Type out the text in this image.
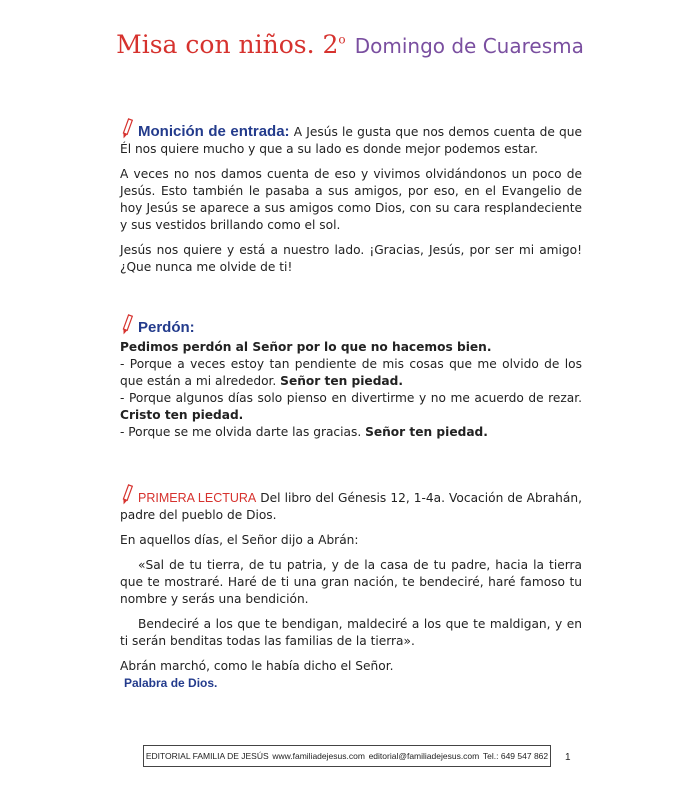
Misa con niños. 2$^o$ Domingo de Cuaresma

Monición de entrada: A Jesús le gusta que nos demos cuenta de que Él nos quiere mucho y que a su lado es donde mejor podemos estar.

A veces no nos damos cuenta de eso y vivimos olvidándonos un poco de Jesús. Esto también le pasaba a sus amigos, por eso, en el Evangelio de hoy Jesús se aparece a sus amigos como Dios, con su cara resplandeciente y sus vestidos brillando como el sol.

Jesús nos quiere y está a nuestro lado. ¡Gracias, Jesús, por ser mi amigo! ¿Que nunca me olvide de ti!

Perdón:
Pedimos perdón al Señor por lo que no hacemos bien.
- Porque a veces estoy tan pendiente de mis cosas que me olvido de los que están a mi alrededor. Señor ten piedad.
- Porque algunos días solo pienso en divertirme y no me acuerdo de rezar. Cristo ten piedad.
- Porque se me olvida darte las gracias. Señor ten piedad.

PRIMERA LECTURA Del libro del Génesis 12, 1-4a. Vocación de Abrahán, padre del pueblo de Dios.

En aquellos días, el Señor dijo a Abrán:

«Sal de tu tierra, de tu patria, y de la casa de tu padre, hacia la tierra que te mostraré. Haré de ti una gran nación, te bendeciré, haré famoso tu nombre y serás una bendición.

Bendeciré a los que te bendigan, maldeciré a los que te maldigan, y en ti serán benditas todas las familias de la tierra».

Abrán marchó, como le había dicho el Señor.
Palabra de Dios.
EDITORIAL FAMILIA DE JESÚS www.familiadejesus.com editorial@familiadejesus.com Tel.: 649 547 862 1
